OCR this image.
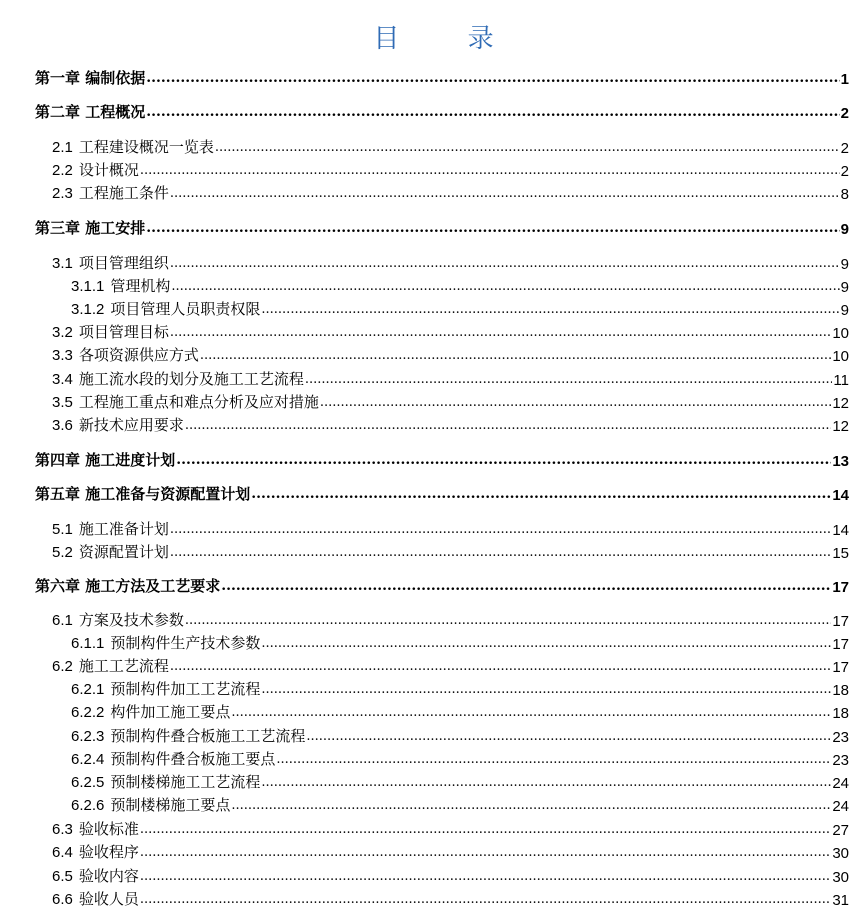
目 录
第一章 编制依据 .....	1
第二章 工程概况 .....	2
2.1 工程建设概况一览表 .....	2
2.2 设计概况 .....	2
2.3 工程施工条件 .....	8
第三章 施工安排 .....	9
3.1 项目管理组织 .....	9
3.1.1 管理机构 .....	9
3.1.2 项目管理人员职责权限 .....	9
3.2 项目管理目标 .....	10
3.3 各项资源供应方式 .....	10
3.4 施工流水段的划分及施工工艺流程 .....	11
3.5 工程施工重点和难点分析及应对措施 .....	12
3.6 新技术应用要求 .....	12
第四章 施工进度计划 .....	13
第五章 施工准备与资源配置计划 .....	14
5.1 施工准备计划 .....	14
5.2 资源配置计划 .....	15
第六章 施工方法及工艺要求 .....	17
6.1 方案及技术参数 .....	17
6.1.1 预制构件生产技术参数 .....	17
6.2 施工工艺流程 .....	17
6.2.1 预制构件加工工艺流程 .....	18
6.2.2 构件加工施工要点 .....	18
6.2.3 预制构件叠合板施工工艺流程 .....	23
6.2.4 预制构件叠合板施工要点 .....	23
6.2.5 预制楼梯施工工艺流程 .....	24
6.2.6 预制楼梯施工要点 .....	24
6.3 验收标准 .....	27
6.4 验收程序 .....	30
6.5 验收内容 .....	30
6.6 验收人员 .....	31
